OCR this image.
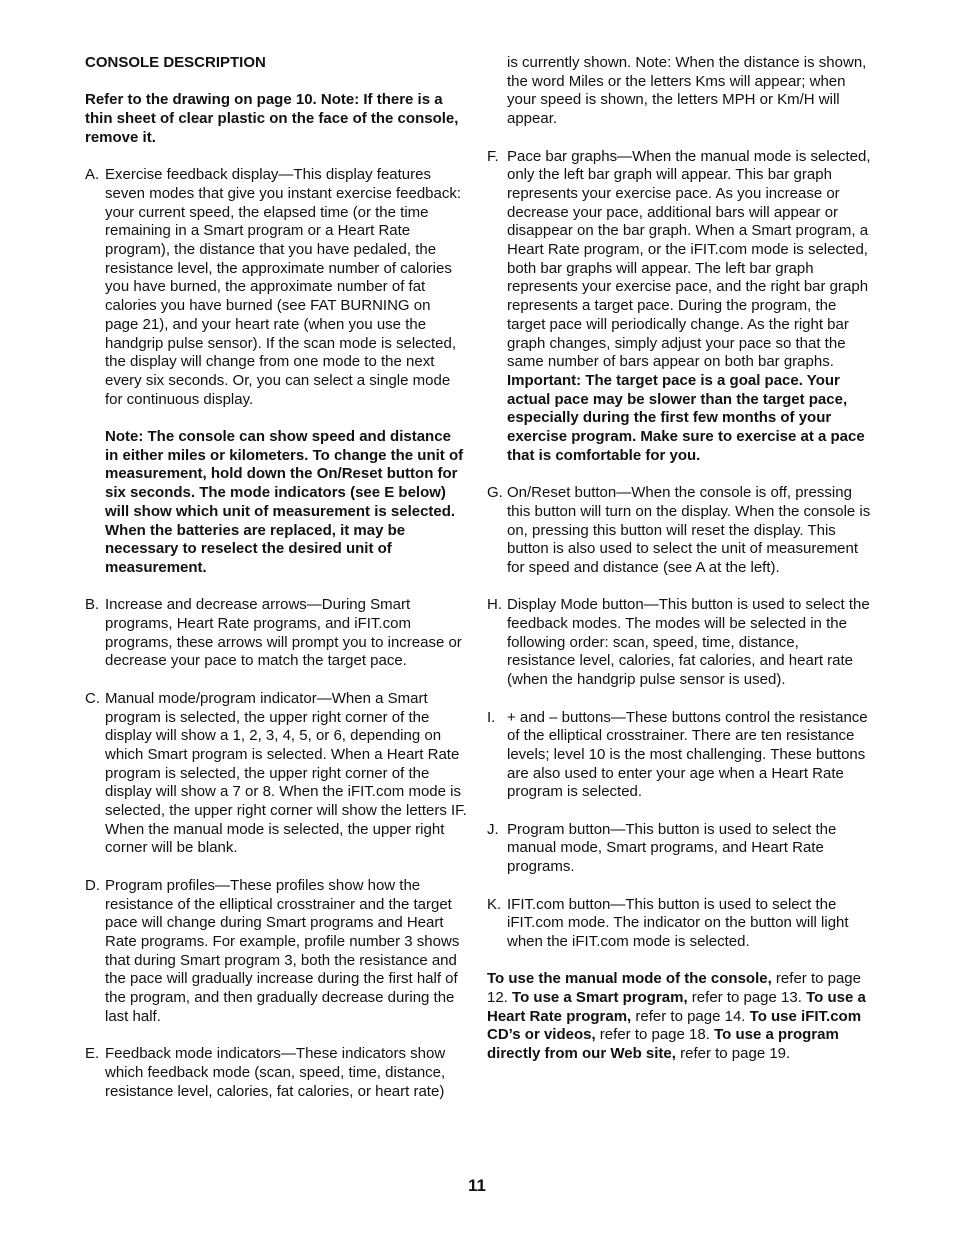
CONSOLE DESCRIPTION
Refer to the drawing on page 10. Note: If there is a thin sheet of clear plastic on the face of the console, remove it.
A. Exercise feedback display—This display features seven modes that give you instant exercise feedback: your current speed, the elapsed time (or the time remaining in a Smart program or a Heart Rate program), the distance that you have pedaled, the resistance level, the approximate number of calories you have burned, the approximate number of fat calories you have burned (see FAT BURNING on page 21), and your heart rate (when you use the handgrip pulse sensor). If the scan mode is selected, the display will change from one mode to the next every six seconds. Or, you can select a single mode for continuous display.
Note: The console can show speed and distance in either miles or kilometers. To change the unit of measurement, hold down the On/Reset button for six seconds. The mode indicators (see E below) will show which unit of measurement is selected. When the batteries are replaced, it may be necessary to reselect the desired unit of measurement.
B. Increase and decrease arrows—During Smart programs, Heart Rate programs, and iFIT.com programs, these arrows will prompt you to increase or decrease your pace to match the target pace.
C. Manual mode/program indicator—When a Smart program is selected, the upper right corner of the display will show a 1, 2, 3, 4, 5, or 6, depending on which Smart program is selected. When a Heart Rate program is selected, the upper right corner of the display will show a 7 or 8. When the iFIT.com mode is selected, the upper right corner will show the letters IF. When the manual mode is selected, the upper right corner will be blank.
D. Program profiles—These profiles show how the resistance of the elliptical crosstrainer and the target pace will change during Smart programs and Heart Rate programs. For example, profile number 3 shows that during Smart program 3, both the resistance and the pace will gradually increase during the first half of the program, and then gradually decrease during the last half.
E. Feedback mode indicators—These indicators show which feedback mode (scan, speed, time, distance, resistance level, calories, fat calories, or heart rate)
is currently shown. Note: When the distance is shown, the word Miles or the letters Kms will appear; when your speed is shown, the letters MPH or Km/H will appear.
F. Pace bar graphs—When the manual mode is selected, only the left bar graph will appear. This bar graph represents your exercise pace. As you increase or decrease your pace, additional bars will appear or disappear on the bar graph. When a Smart program, a Heart Rate program, or the iFIT.com mode is selected, both bar graphs will appear. The left bar graph represents your exercise pace, and the right bar graph represents a target pace. During the program, the target pace will periodically change. As the right bar graph changes, simply adjust your pace so that the same number of bars appear on both bar graphs. Important: The target pace is a goal pace. Your actual pace may be slower than the target pace, especially during the first few months of your exercise program. Make sure to exercise at a pace that is comfortable for you.
G. On/Reset button—When the console is off, pressing this button will turn on the display. When the console is on, pressing this button will reset the display. This button is also used to select the unit of measurement for speed and distance (see A at the left).
H. Display Mode button—This button is used to select the feedback modes. The modes will be selected in the following order: scan, speed, time, distance, resistance level, calories, fat calories, and heart rate (when the handgrip pulse sensor is used).
I. + and – buttons—These buttons control the resistance of the elliptical crosstrainer. There are ten resistance levels; level 10 is the most challenging. These buttons are also used to enter your age when a Heart Rate program is selected.
J. Program button—This button is used to select the manual mode, Smart programs, and Heart Rate programs.
K. IFIT.com button—This button is used to select the iFIT.com mode. The indicator on the button will light when the iFIT.com mode is selected.
To use the manual mode of the console, refer to page 12. To use a Smart program, refer to page 13. To use a Heart Rate program, refer to page 14. To use iFIT.com CD’s or videos, refer to page 18. To use a program directly from our Web site, refer to page 19.
11
